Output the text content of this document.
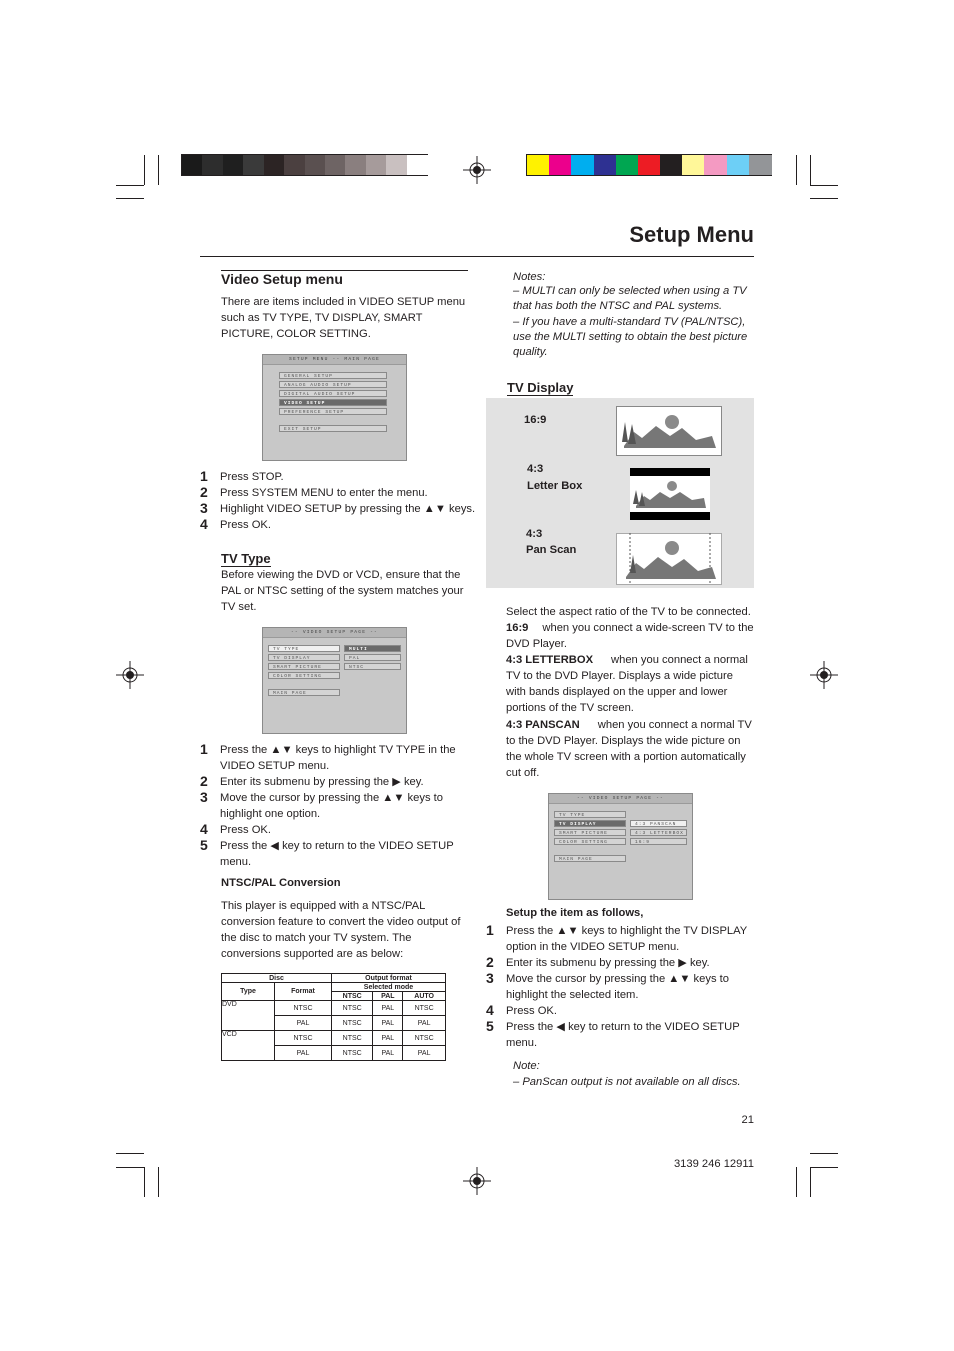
Setup Menu
Video Setup menu
There are items included in VIDEO SETUP menu such as TV TYPE, TV DISPLAY, SMART PICTURE, COLOR SETTING.
SETUP MENU -- MAIN PAGE
GENERAL SETUP
ANALOG AUDIO SETUP
DIGITAL AUDIO SETUP
VIDEO SETUP
PREFERENCE SETUP
EXIT SETUP
1 Press STOP.
2 Press SYSTEM MENU to enter the menu.
3 Highlight VIDEO SETUP by pressing the ▲▼ keys.
4 Press OK.
TV Type
Before viewing the DVD or VCD, ensure that the PAL or NTSC setting of the system matches your TV set.
-- VIDEO SETUP PAGE --
TV TYPE
TV DISPLAY
SMART PICTURE
COLOR SETTING
MAIN PAGE
MULTI
PAL
NTSC
1 Press the ▲▼ keys to highlight TV TYPE in the
VIDEO SETUP menu.
2 Enter its submenu by pressing the ▶ key.
3 Move the cursor by pressing the ▲▼ keys to
highlight one option.
4 Press OK.
5 Press the ◀ key to return to the VIDEO SETUP
menu.
NTSC/PAL Conversion
This player is equipped with a NTSC/PAL conversion feature to convert the video output of the disc to match your TV system. The conversions supported are as below:
Disc		Output format		
Type	Format	Selected mode		
		NTSC	PAL	AUTO
DVD	NTSC	NTSC	PAL	NTSC
	PAL	NTSC	PAL	PAL
VCD	NTSC	NTSC	PAL	NTSC
	PAL	NTSC	PAL	PAL
Notes:
– MULTI can only be selected when using a TV that has both the NTSC and PAL systems.
– If you have a multi-standard TV (PAL/NTSC), use the MULTI setting to obtain the best picture quality.
TV Display
16:9
4:3
Letter Box
4:3
Pan Scan
Select the aspect ratio of the TV to be connected.
16:9 when you connect a wide-screen TV to the DVD Player.
4:3 LETTERBOX when you connect a normal TV to the DVD Player. Displays a wide picture with bands displayed on the upper and lower portions of the TV screen.
4:3 PANSCAN when you connect a normal TV to the DVD Player. Displays the wide picture on the whole TV screen with a portion automatically cut off.
-- VIDEO SETUP PAGE --
TV TYPE
TV DISPLAY
SMART PICTURE
COLOR SETTING
MAIN PAGE
4:3 PANSCAN
4:3 LETTERBOX
16:9
Setup the item as follows,
1 Press the ▲▼ keys to highlight the TV DISPLAY
option in the VIDEO SETUP menu.
2 Enter its submenu by pressing the ▶ key.
3 Move the cursor by pressing the ▲▼ keys to
highlight the selected item.
4 Press OK.
5 Press the ◀ key to return to the VIDEO SETUP
menu.
Note:
– PanScan output is not available on all discs.
21
3139 246 12911
